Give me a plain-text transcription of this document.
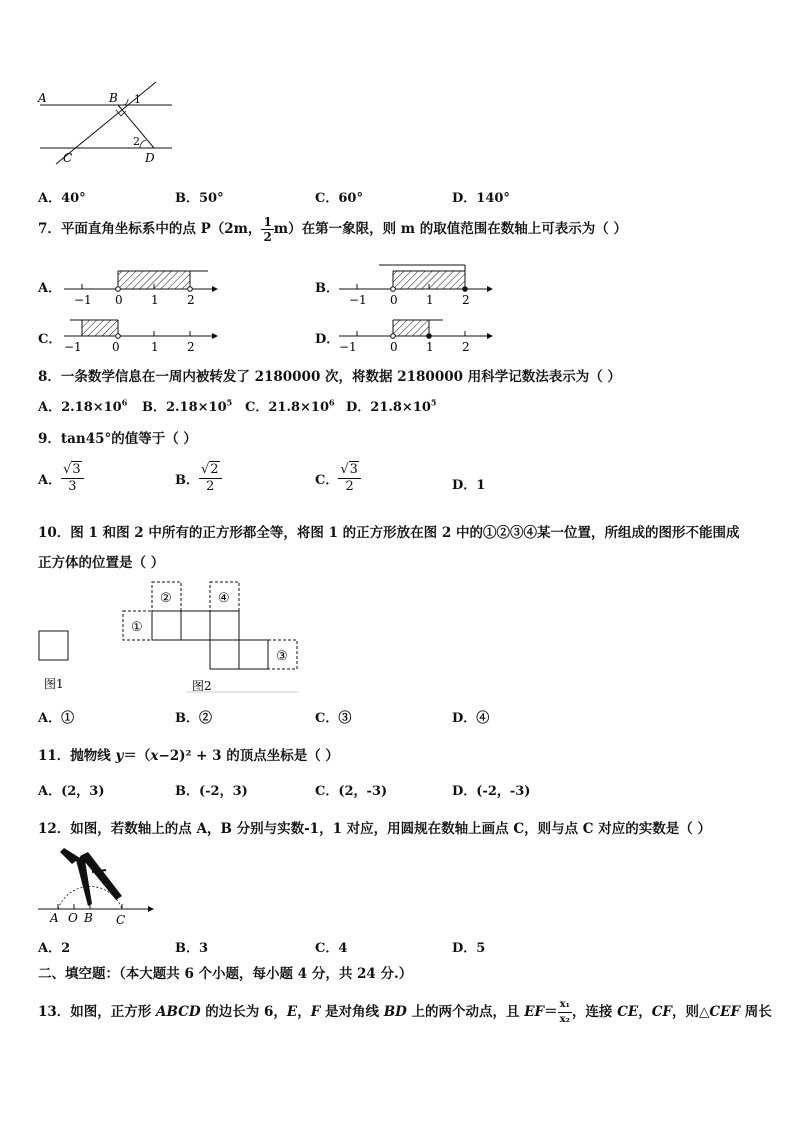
A	B 1
2
C	D
A．40°	B．50°	C．60°	D．140°
7．平面直角坐标系中的点 P（2m， $\frac{1}{2} m$）在第一象限，则 m 的取值范围在数轴上可表示为（ ）
A．	B．
C．	D．
−1 0 1 2	−1 0 1 2
−1	0	1 2	−1	0 1 2
8．一条数学信息在一周内被转发了 2180000 次，将数据 2180000 用科学记数法表示为（ ）
A．$2.18\times 10^6$ B．$2.18\times 10^5$ C．$21.8\times 10^6$ D．$21.8\times 10^5$
9．tan45°的值等于（ ）
A． $\frac{√3}{3}$	B． $\frac{√2}{2}$	C． $\frac{√3}{2}$	D．1
10．图 1 和图 2 中所有的正方形都全等，将图 1 的正方形放在图 2 中的①②③④某一位置，所组成的图形不能围成
正方体的位置是（ ）
①
②	④
③
图1	图2
A．①	B．②	C．③	D．④
11．抛物线 y＝（x−2)² + 3 的顶点坐标是（ ）
A．(2，3)	B．(-2，3)	C．(2，-3)	D．(-2，-3)
12．如图，若数轴上的点 A，B 分别与实数-1，1 对应，用圆规在数轴上画点 C，则与点 C 对应的实数是（ ）
A O B C
A．2	B．3	C．4	D．5
二、填空题：（本大题共 6 个小题，每小题 4 分，共 24 分.）
13．如图，正方形 ABCD 的边长为 6，E，F 是对角线 BD 上的两个动点，且 $EF= \frac{\text{x₁}}{\text{x₂}}$ ，连接 CE，CF，则△CEF 周长
